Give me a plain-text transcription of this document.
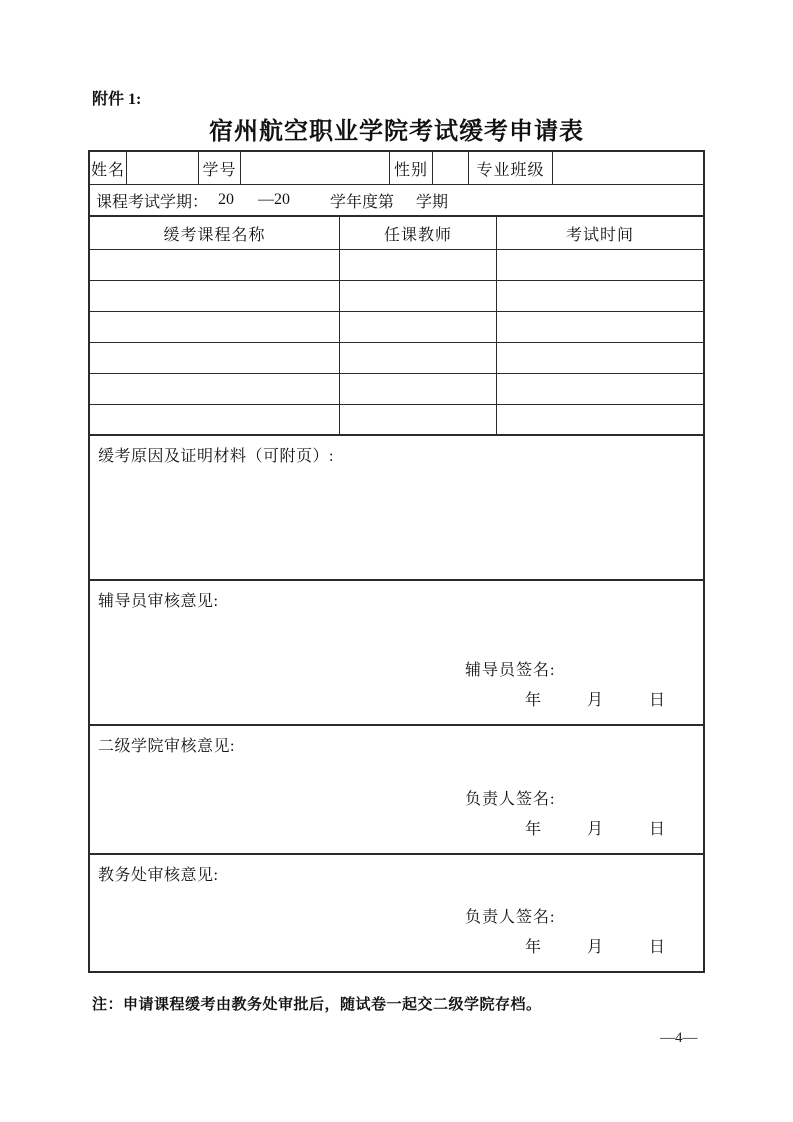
附件 1:
宿州航空职业学院考试缓考申请表
姓名	学号	性别	专业班级
课程考试学期： 20 —20	学年度第 学期
缓考课程名称	任课教师	考试时间
缓考原因及证明材料（可附页）:
辅导员审核意见:
辅导员签名:
年	月	日
二级学院审核意见:
负责人签名:
年	月	日
教务处审核意见:
负责人签名:
年	月	日
注：申请课程缓考由教务处审批后，随试卷一起交二级学院存档。
—4—
